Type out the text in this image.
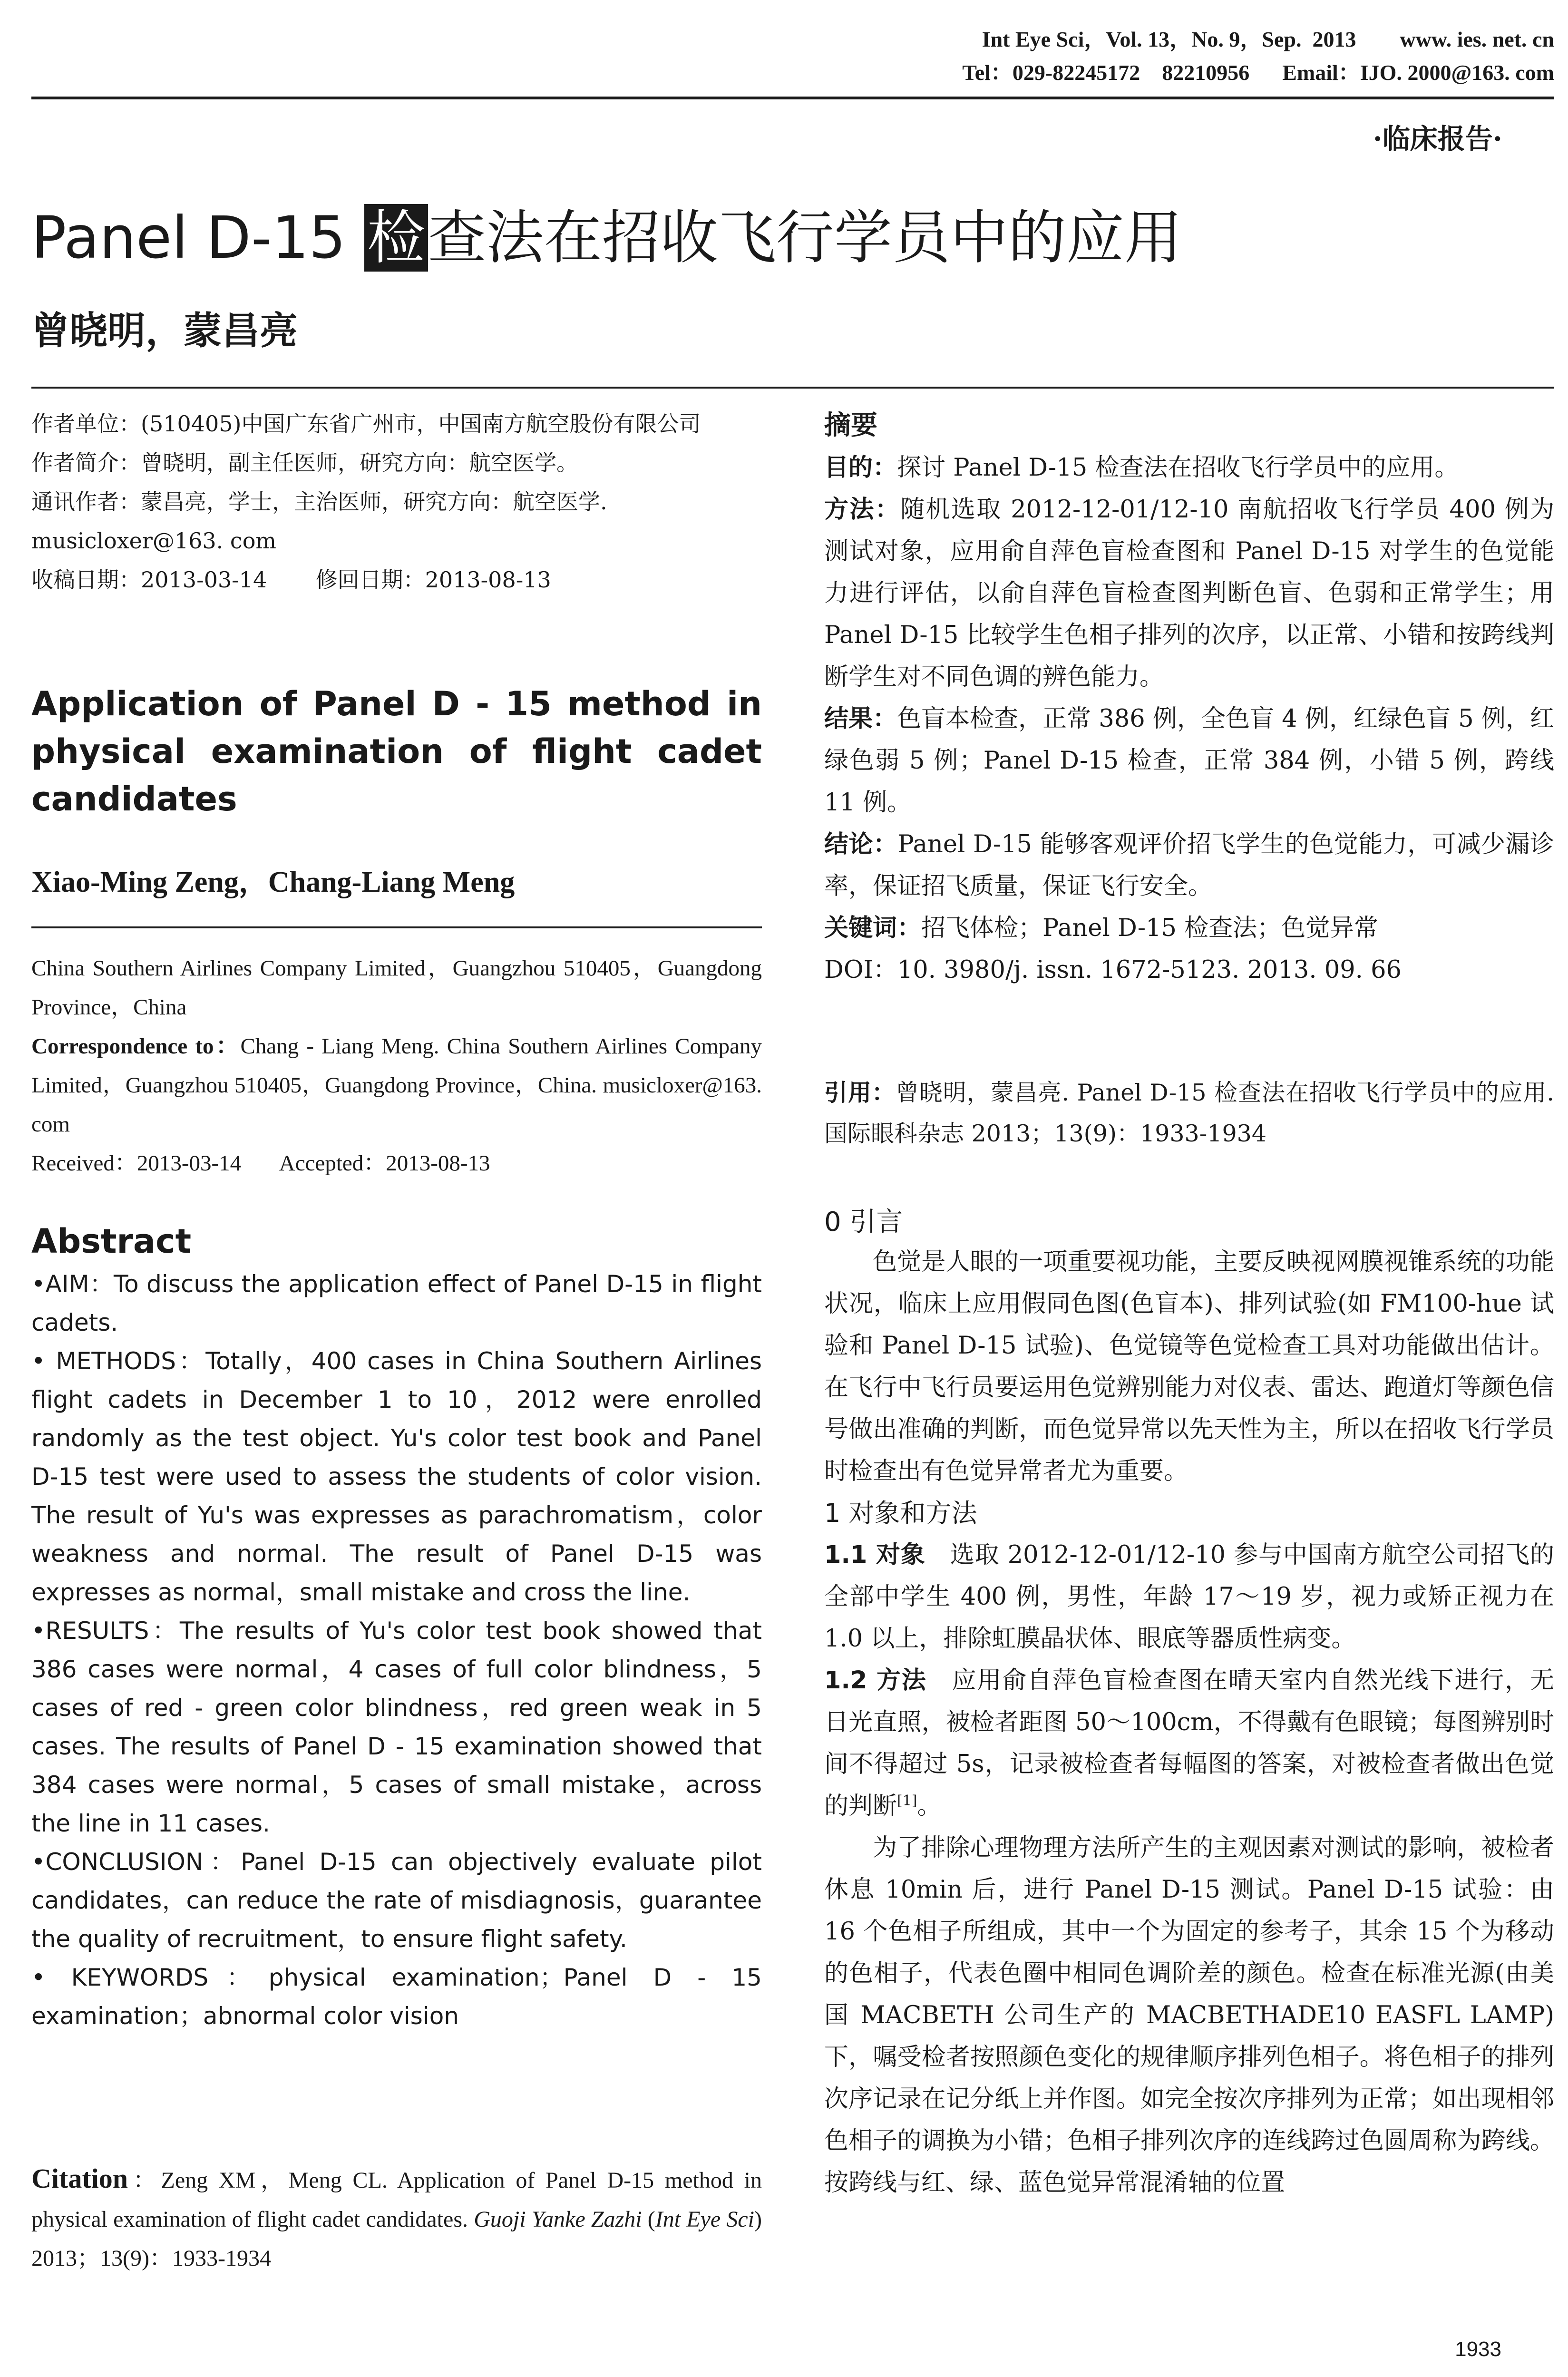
Int Eye Sci，Vol. 13，No. 9，Sep.  2013        www. ies. net. cn
Tel：029-82245172    82210956      Email：IJO. 2000@163. com
·临床报告·
Panel D-15 检查法在招收飞行学员中的应用
曾晓明，蒙昌亮

作者单位：(510405)中国广东省广州市，中国南方航空股份有限公司

作者简介：曾晓明，副主任医师，研究方向：航空医学。

通讯作者：蒙昌亮，学士，主治医师，研究方向：航空医学. musicloxer@163. com

收稿日期：2013-03-14       修回日期：2013-08-13

Application of Panel D - 15 method in physical examination of flight cadet candidates
Xiao-Ming Zeng，Chang-Liang Meng

China Southern Airlines Company Limited，Guangzhou 510405，Guangdong Province，China

Correspondence to：Chang - Liang Meng. China Southern Airlines Company Limited，Guangzhou 510405，Guangdong Province，China. musicloxer@163. com

Received：2013-03-14       Accepted：2013-08-13

Abstract

•AIM：To discuss the application effect of Panel D-15 in flight cadets.

• METHODS：Totally，400 cases in China Southern Airlines flight cadets in December 1 to 10，2012 were enrolled randomly as the test object. Yu's color test book and Panel D-15 test were used to assess the students of color vision. The result of Yu's was expresses as parachromatism，color weakness and normal. The result of Panel D-15 was expresses as normal，small mistake and cross the line.

•RESULTS：The results of Yu's color test book showed that 386 cases were normal，4 cases of full color blindness，5 cases of red - green color blindness，red green weak in 5 cases. The results of Panel D - 15 examination showed that 384 cases were normal，5 cases of small mistake，across the line in 11 cases.

•CONCLUSION：Panel D-15 can objectively evaluate pilot candidates，can reduce the rate of misdiagnosis，guarantee the quality of recruitment，to ensure flight safety.

• KEYWORDS：physical examination；Panel D - 15 examination；abnormal color vision

Citation：Zeng XM，Meng CL. Application of Panel D-15 method in physical examination of flight cadet candidates. Guoji Yanke Zazhi (Int Eye Sci) 2013；13(9)：1933-1934
摘要

目的：探讨 Panel D-15 检查法在招收飞行学员中的应用。

方法：随机选取 2012-12-01/12-10 南航招收飞行学员 400 例为测试对象，应用俞自萍色盲检查图和 Panel D-15 对学生的色觉能力进行评估，以俞自萍色盲检查图判断色盲、色弱和正常学生；用 Panel D-15 比较学生色相子排列的次序，以正常、小错和按跨线判断学生对不同色调的辨色能力。

结果：色盲本检查，正常 386 例，全色盲 4 例，红绿色盲 5 例，红绿色弱 5 例；Panel D-15 检查，正常 384 例，小错 5 例，跨线 11 例。

结论：Panel D-15 能够客观评价招飞学生的色觉能力，可减少漏诊率，保证招飞质量，保证飞行安全。

关键词：招飞体检；Panel D-15 检查法；色觉异常

DOI：10. 3980/j. issn. 1672-5123. 2013. 09. 66

引用：曾晓明，蒙昌亮. Panel D-15 检查法在招收飞行学员中的应用. 国际眼科杂志 2013；13(9)：1933-1934
0 引言

色觉是人眼的一项重要视功能，主要反映视网膜视锥系统的功能状况，临床上应用假同色图(色盲本)、排列试验(如 FM100-hue 试验和 Panel D-15 试验)、色觉镜等色觉检查工具对功能做出估计。在飞行中飞行员要运用色觉辨别能力对仪表、雷达、跑道灯等颜色信号做出准确的判断，而色觉异常以先天性为主，所以在招收飞行学员时检查出有色觉异常者尤为重要。

1 对象和方法

1.1 对象　选取 2012-12-01/12-10 参与中国南方航空公司招飞的全部中学生 400 例，男性，年龄 17～19 岁，视力或矫正视力在 1.0 以上，排除虹膜晶状体、眼底等器质性病变。

1.2 方法　应用俞自萍色盲检查图在晴天室内自然光线下进行，无日光直照，被检者距图 50～100cm，不得戴有色眼镜；每图辨别时间不得超过 5s，记录被检查者每幅图的答案，对被检查者做出色觉的判断[1]。

为了排除心理物理方法所产生的主观因素对测试的影响，被检者休息 10min 后，进行 Panel D-15 测试。Panel D-15 试验：由 16 个色相子所组成，其中一个为固定的参考子，其余 15 个为移动的色相子，代表色圈中相同色调阶差的颜色。检查在标准光源(由美国 MACBETH 公司生产的 MACBETHADE10 EASFL LAMP)下，嘱受检者按照颜色变化的规律顺序排列色相子。将色相子的排列次序记录在记分纸上并作图。如完全按次序排列为正常；如出现相邻色相子的调换为小错；色相子排列次序的连线跨过色圆周称为跨线。按跨线与红、绿、蓝色觉异常混淆轴的位置

1933
